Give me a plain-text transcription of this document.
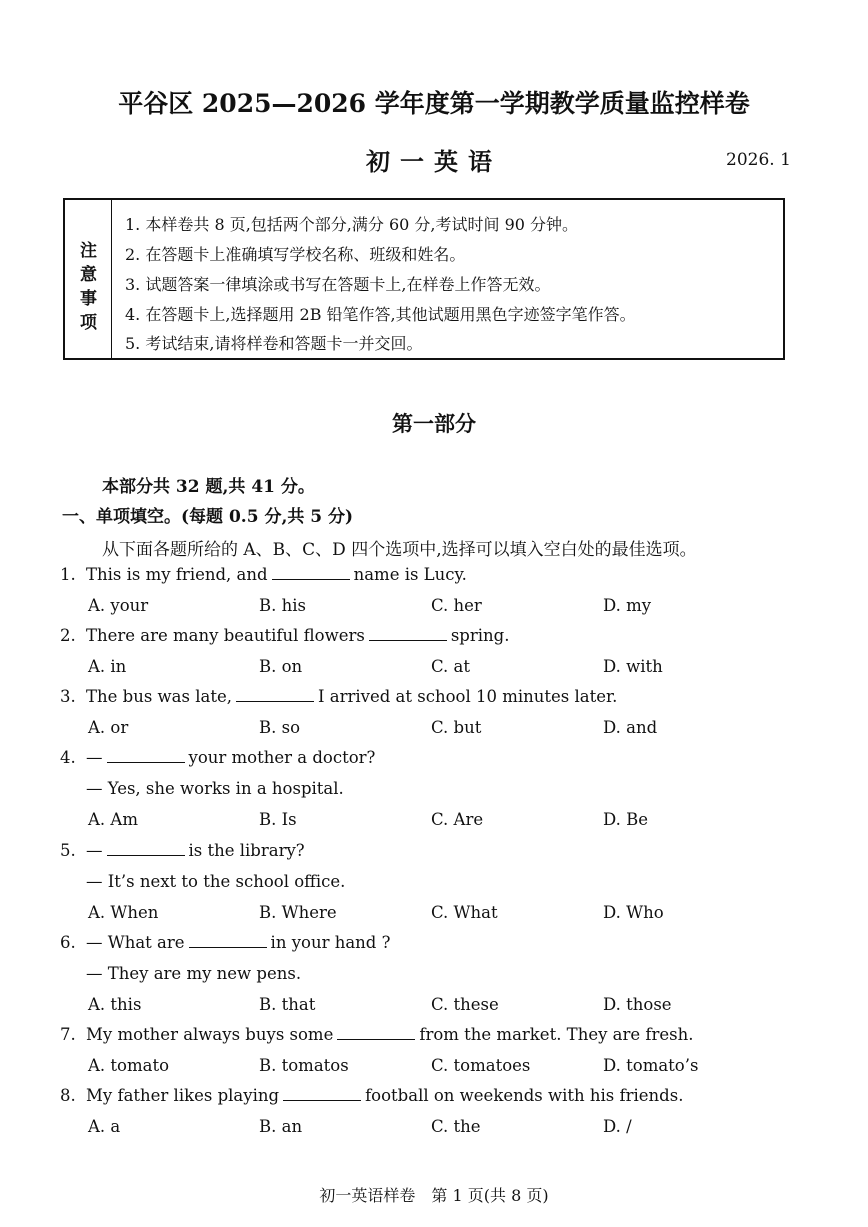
平谷区 2025—2026 学年度第一学期教学质量监控样卷
初一英语	2026. 1
注
意
事
项
1. 本样卷共 8 页,包括两个部分,满分 60 分,考试时间 90 分钟。
2. 在答题卡上准确填写学校名称、班级和姓名。
3. 试题答案一律填涂或书写在答题卡上,在样卷上作答无效。
4. 在答题卡上,选择题用 2B 铅笔作答,其他试题用黑色字迹签字笔作答。
5. 考试结束,请将样卷和答题卡一并交回。
第一部分
本部分共 32 题,共 41 分。
一、单项填空。(每题 0.5 分,共 5 分)
从下面各题所给的 A、B、C、D 四个选项中,选择可以填入空白处的最佳选项。
1. This is my friend, and	name is Lucy.
A. your	B. his	C. her	D. my
2. There are many beautiful flowers	spring.
A. in	B. on	C. at	D. with
3. The bus was late,	I arrived at school 10 minutes later.
A. or	B. so	C. but	D. and
4. —	your mother a doctor?
— Yes, she works in a hospital.
A. Am	B. Is	C. Are	D. Be
5. —	is the library?
— It’s next to the school office.
A. When	B. Where	C. What	D. Who
6. — What are	in your hand ?
— They are my new pens.
A. this	B. that	C. these	D. those
7. My mother always buys some	from the market. They are fresh.
A. tomato	B. tomatos	C. tomatoes	D. tomato’s
8. My father likes playing	football on weekends with his friends.
A. a	B. an	C. the	D. /
初一英语样卷　第 1 页(共 8 页)
